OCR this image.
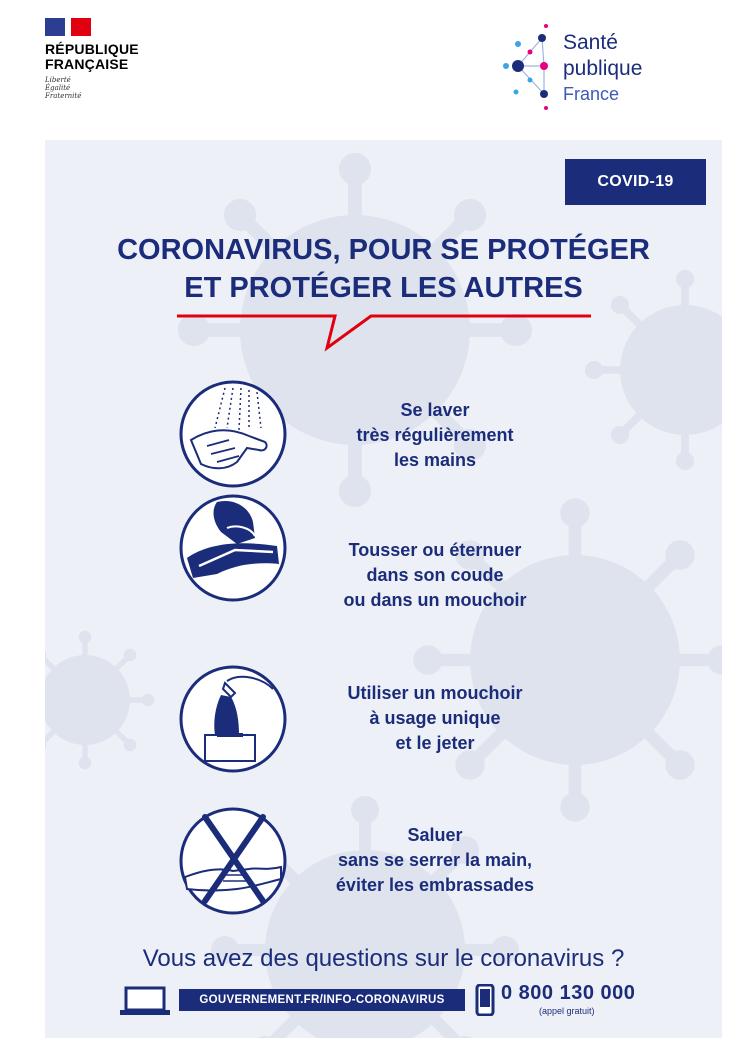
RÉPUBLIQUE
FRANÇAISE
Liberté
Égalité
Fraternité
Santé
publique
France
COVID-19
CORONAVIRUS, POUR SE PROTÉGER
ET PROTÉGER LES AUTRES
Se laver
très régulièrement
les mains
Tousser ou éternuer
dans son coude
ou dans un mouchoir
Utiliser un mouchoir
à usage unique
et le jeter
Saluer
sans se serrer la main,
éviter les embrassades
Vous avez des questions sur le coronavirus ?
GOUVERNEMENT.FR/INFO-CORONAVIRUS	0 800 130 000
(appel gratuit)
